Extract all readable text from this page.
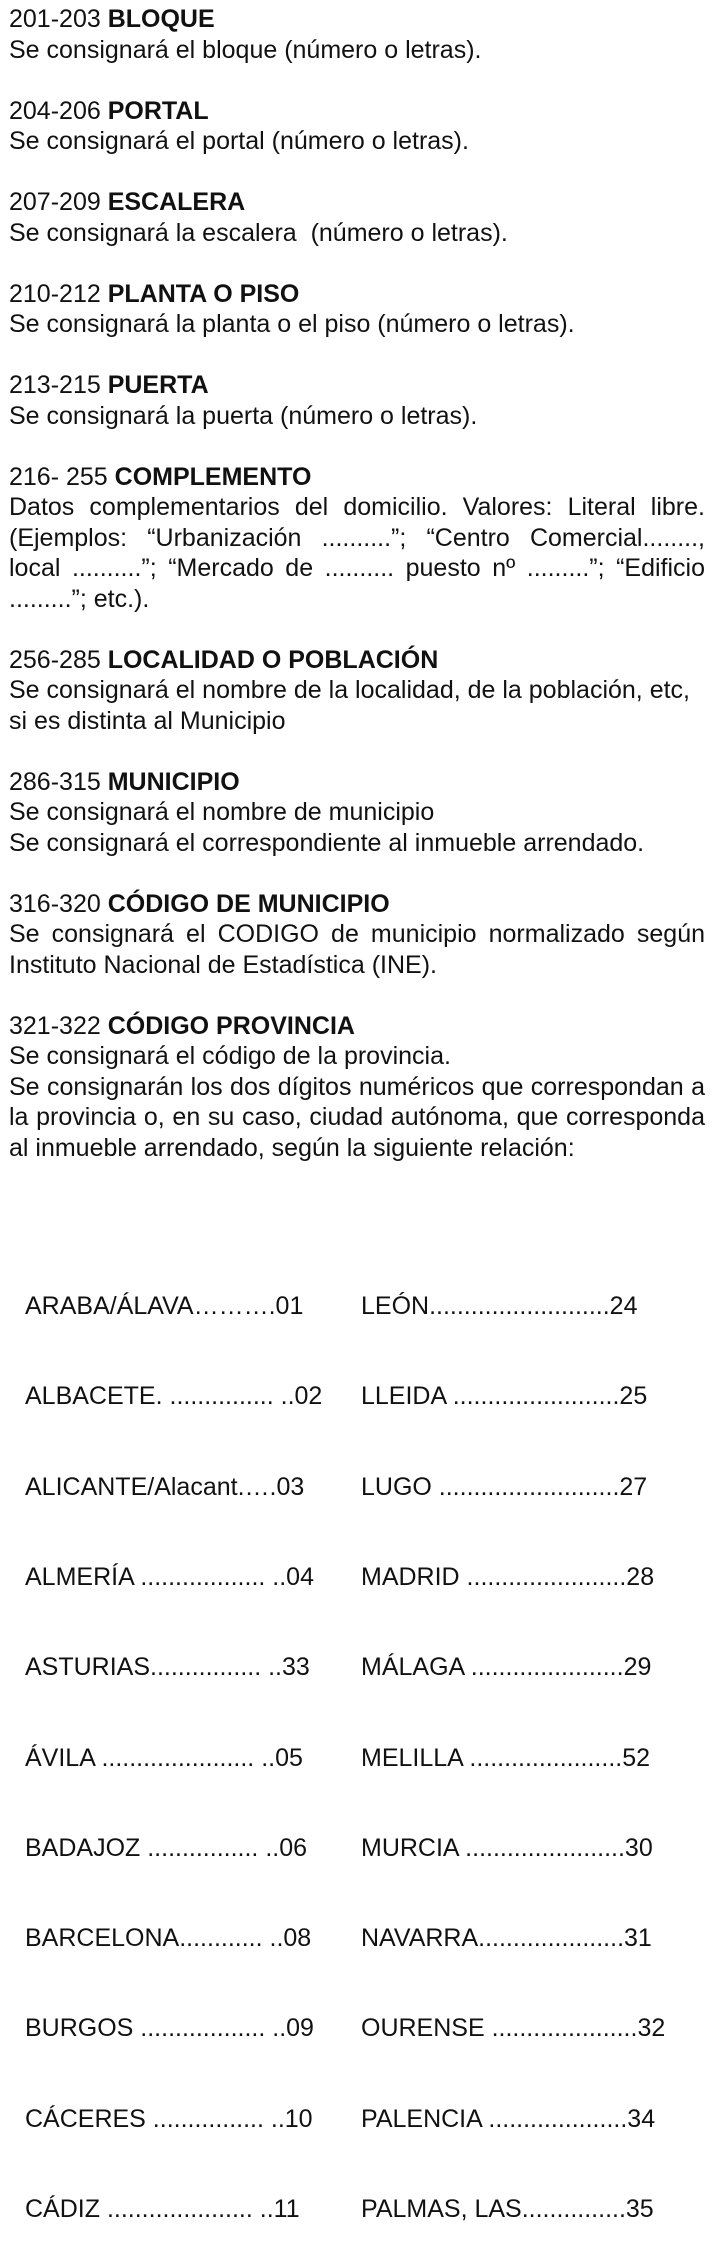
201-203 BLOQUE

Se consignará el bloque (número o letras).

204-206 PORTAL

Se consignará el portal (número o letras).

207-209 ESCALERA

Se consignará la escalera  (número o letras).

210-212 PLANTA O PISO

Se consignará la planta o el piso (número o letras).

213-215 PUERTA

Se consignará la puerta (número o letras).

216- 255 COMPLEMENTO

Datos complementarios del domicilio. Valores: Literal libre.(Ejemplos: “Urbanización ..........”; “Centro Comercial........, local ..........”; “Mercado de .......... puesto nº .........”; “Edificio .........”; etc.).

256-285 LOCALIDAD O POBLACIÓN

Se consignará el nombre de la localidad, de la población, etc, si es distinta al Municipio

286-315 MUNICIPIO

Se consignará el nombre de municipio

Se consignará el correspondiente al inmueble arrendado.

316-320 CÓDIGO DE MUNICIPIO

Se consignará el CODIGO de municipio normalizado según Instituto Nacional de Estadística (INE).

321-322 CÓDIGO PROVINCIA

Se consignará el código de la provincia.

Se consignarán los dos dígitos numéricos que correspondan a la provincia o, en su caso, ciudad autónoma, que corresponda al inmueble arrendado, según la siguiente relación:

ARABA/ÁLAVA……….01

ALBACETE. ............... ..02

ALICANTE/Alacant.….03

ALMERÍA .................. ..04

ASTURIAS................ ..33

ÁVILA ...................... ..05

BADAJOZ ................ ..06

BARCELONA............ ..08

BURGOS .................. ..09

CÁCERES ................ ..10

CÁDIZ ..................... ..11

LEÓN..........................24

LLEIDA ........................25

LUGO ..........................27

MADRID .......................28

MÁLAGA ......................29

MELILLA ......................52

MURCIA .......................30

NAVARRA.....................31

OURENSE .....................32

PALENCIA ....................34

PALMAS, LAS...............35
